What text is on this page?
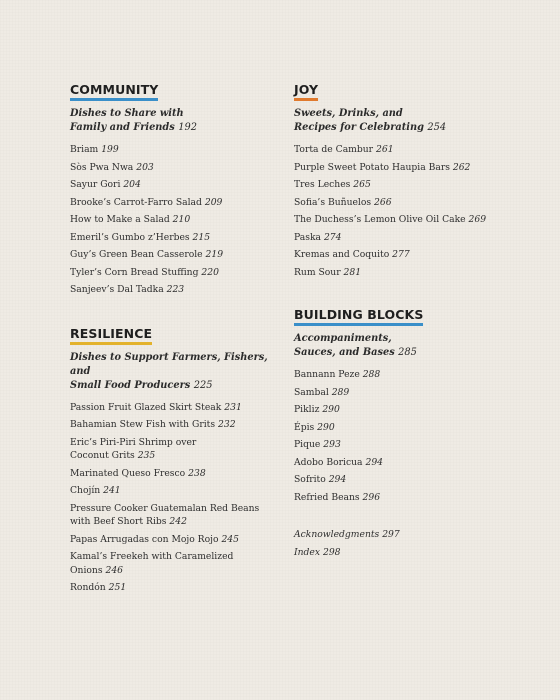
COMMUNITY
Dishes to Share with
Family and Friends 192
Briam 199
Sòs Pwa Nwa 203
Sayur Gori 204
Brooke’s Carrot-Farro Salad 209
How to Make a Salad 210
Emeril’s Gumbo z’Herbes 215
Guy’s Green Bean Casserole 219
Tyler’s Corn Bread Stuffing 220
Sanjeev’s Dal Tadka 223
RESILIENCE
Dishes to Support Farmers, Fishers, and
Small Food Producers 225
Passion Fruit Glazed Skirt Steak 231
Bahamian Stew Fish with Grits 232
Eric’s Piri-Piri Shrimp over
Coconut Grits 235
Marinated Queso Fresco 238
Chojín 241
Pressure Cooker Guatemalan Red Beans
with Beef Short Ribs 242
Papas Arrugadas con Mojo Rojo 245
Kamal’s Freekeh with Caramelized
Onions 246
Rondón 251
JOY
Sweets, Drinks, and
Recipes for Celebrating 254
Torta de Cambur 261
Purple Sweet Potato Haupia Bars 262
Tres Leches 265
Sofia’s Buñuelos 266
The Duchess’s Lemon Olive Oil Cake 269
Paska 274
Kremas and Coquito 277
Rum Sour 281
BUILDING BLOCKS
Accompaniments,
Sauces, and Bases 285
Bannann Peze 288
Sambal 289
Pikliz 290
Épis 290
Pique 293
Adobo Boricua 294
Sofrito 294
Refried Beans 296
Acknowledgments 297
Index 298
